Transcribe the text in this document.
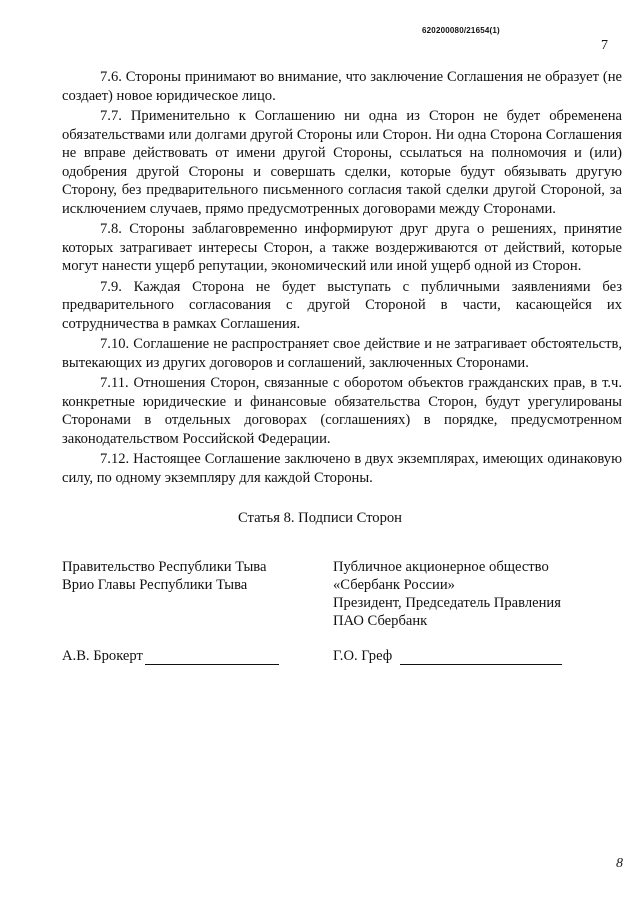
620200080/21654(1)
7

7.6. Стороны принимают во внимание, что заключение Соглашения не образует (не создает) новое юридическое лицо.

7.7. Применительно к Соглашению ни одна из Сторон не будет обременена обязательствами или долгами другой Стороны или Сторон. Ни одна Сторона Соглашения не вправе действовать от имени другой Стороны, ссылаться на полномочия и (или) одобрения другой Стороны и совершать сделки, которые будут обязывать другую Сторону, без предварительного письменного согласия такой сделки другой Стороной, за исключением случаев, прямо предусмотренных договорами между Сторонами.

7.8. Стороны заблаговременно информируют друг друга о решениях, принятие которых затрагивает интересы Сторон, а также воздерживаются от действий, которые могут нанести ущерб репутации, экономический или иной ущерб одной из Сторон.

7.9. Каждая Сторона не будет выступать с публичными заявлениями без предварительного согласования с другой Стороной в части, касающейся их сотрудничества в рамках Соглашения.

7.10. Соглашение не распространяет свое действие и не затрагивает обстоятельств, вытекающих из других договоров и соглашений, заключенных Сторонами.

7.11. Отношения Сторон, связанные с оборотом объектов гражданских прав, в т.ч. конкретные юридические и финансовые обязательства Сторон, будут урегулированы Сторонами в отдельных договорах (соглашениях) в порядке, предусмотренном законодательством Российской Федерации.

7.12. Настоящее Соглашение заключено в двух экземплярах, имеющих одинаковую силу, по одному экземпляру для каждой Стороны.

Статья 8. Подписи Сторон
Правительство Республики Тыва
Врио Главы Республики Тыва
Публичное акционерное общество
«Сбербанк России»
Президент, Председатель Правления
ПАО Сбербанк
А.В. Брокерт	Г.О. Греф
8
